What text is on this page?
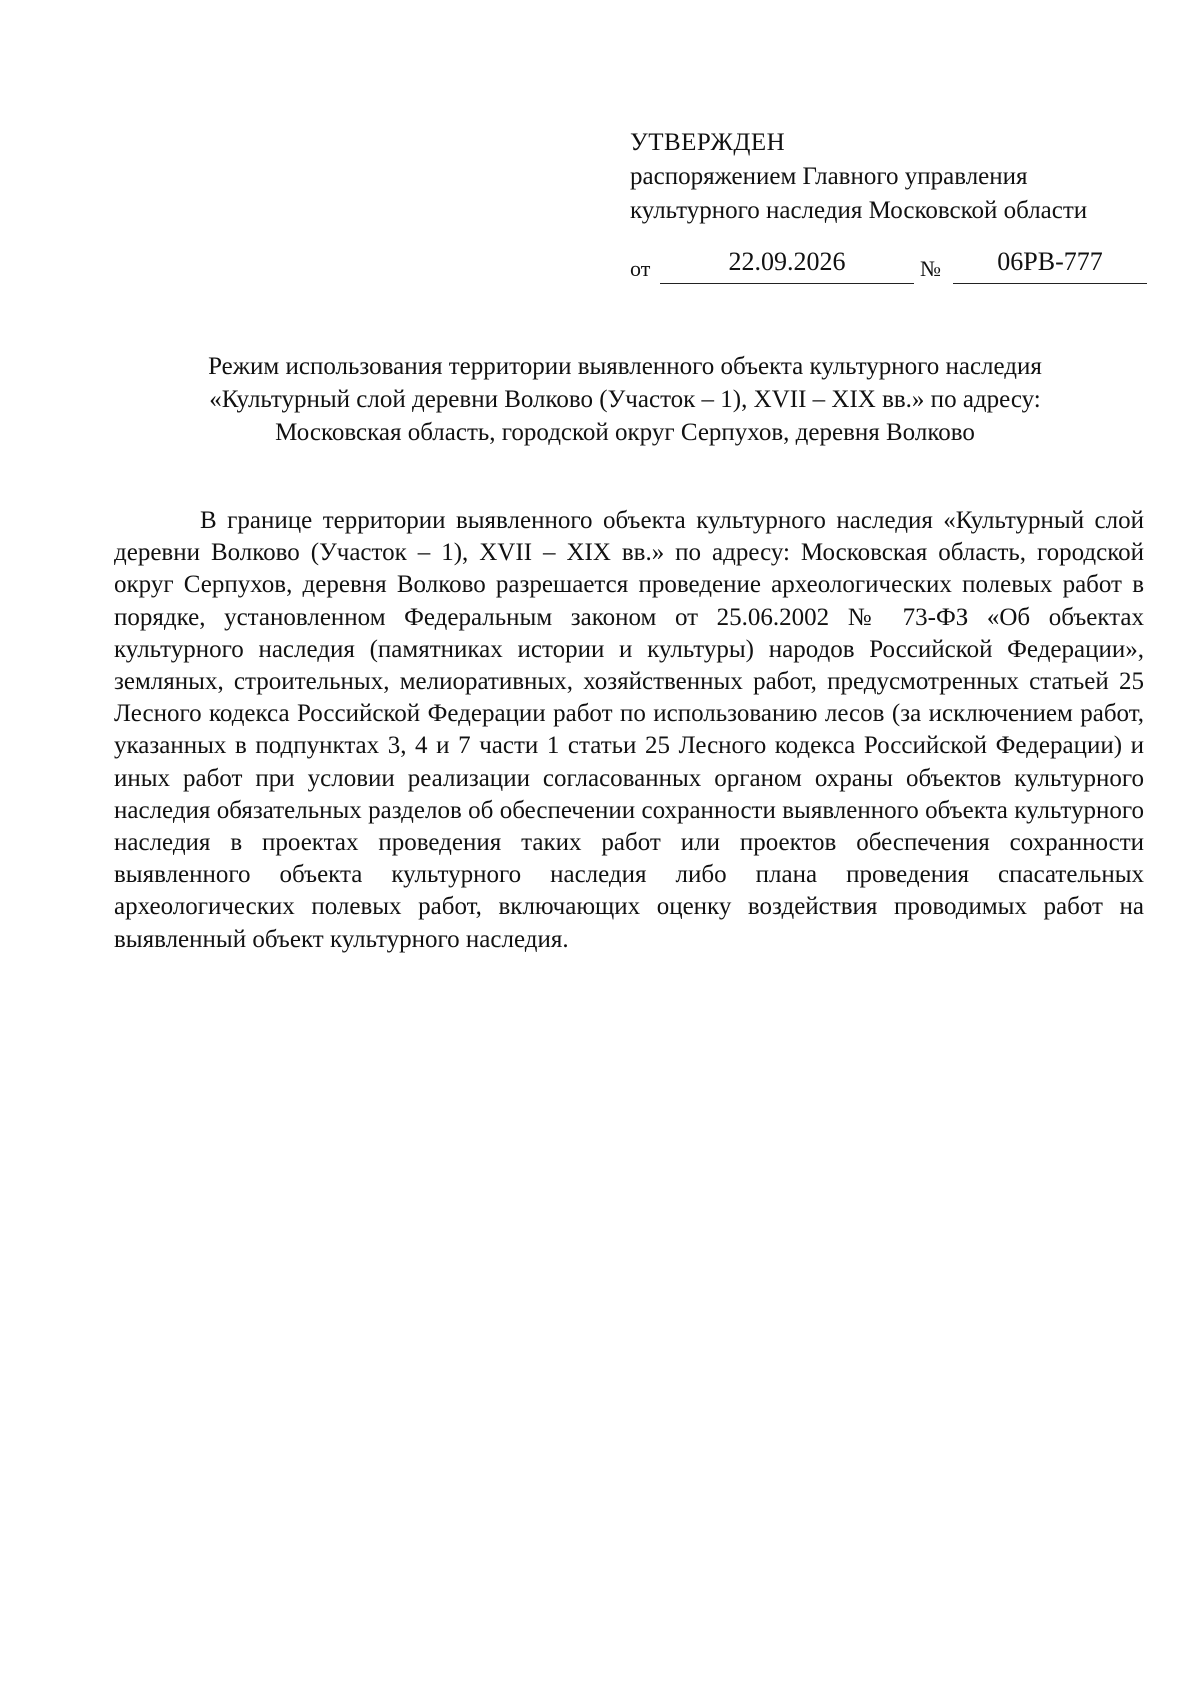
УТВЕРЖДЕН
распоряжением Главного управления
культурного наследия Московской области
от	22.09.2026	№	06РВ-777
Режим использования территории выявленного объекта культурного наследия
«Культурный слой деревни Волково (Участок – 1), XVII – XIX вв.» по адресу:
Московская область, городской округ Серпухов, деревня Волково

В границе территории выявленного объекта культурного наследия «Культурный слой деревни Волково (Участок – 1), XVII – XIX вв.» по адресу: Московская область, городской округ Серпухов, деревня Волково разрешается проведение археологических полевых работ в порядке, установленном Федеральным законом от 25.06.2002 № 73-ФЗ «Об объектах культурного наследия (памятниках истории и культуры) народов Российской Федерации», земляных, строительных, мелиоративных, хозяйственных работ, предусмотренных статьей 25 Лесного кодекса Российской Федерации работ по использованию лесов (за исключением работ, указанных в подпунктах 3, 4 и 7 части 1 статьи 25 Лесного кодекса Российской Федерации) и иных работ при условии реализации согласованных органом охраны объектов культурного наследия обязательных разделов об обеспечении сохранности выявленного объекта культурного наследия в проектах проведения таких работ или проектов обеспечения сохранности выявленного объекта культурного наследия либо плана проведения спасательных археологических полевых работ, включающих оценку воздействия проводимых работ на выявленный объект культурного наследия.
